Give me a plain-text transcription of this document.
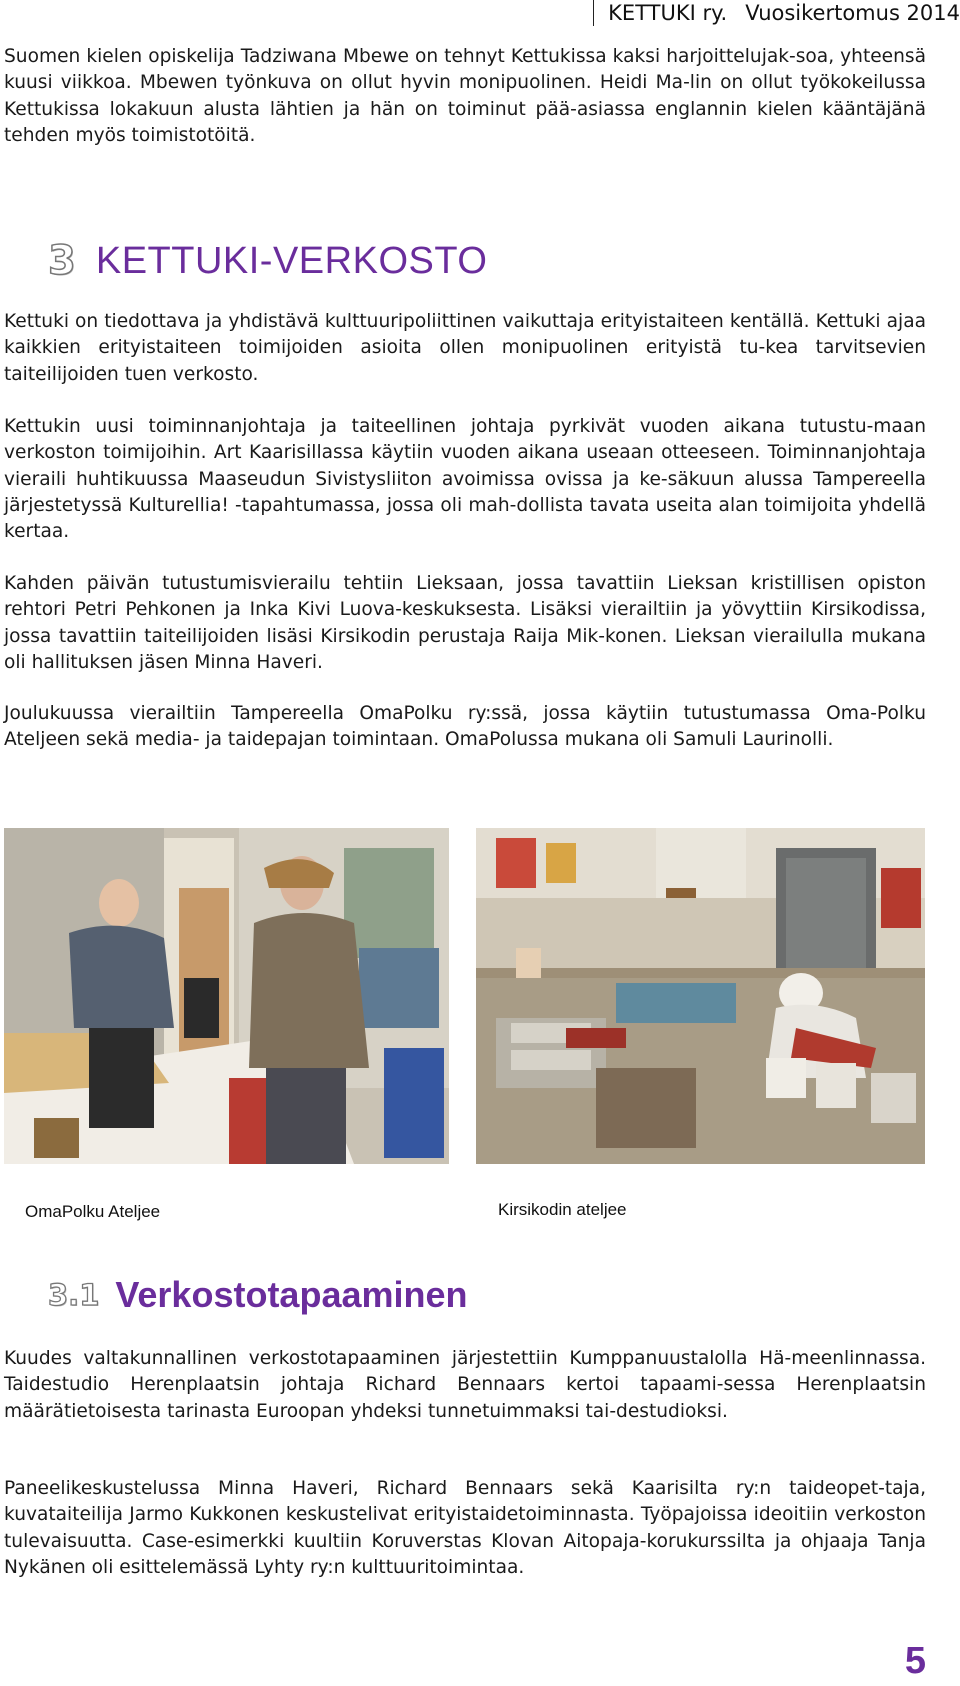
KETTUKI ry. Vuosikertomus 2014

Suomen kielen opiskelija Tadziwana Mbewe on tehnyt Kettukissa kaksi harjoittelujak-soa, yhteensä kuusi viikkoa. Mbewen työnkuva on ollut hyvin monipuolinen. Heidi Ma-lin on ollut työkokeilussa Kettukissa lokakuun alusta lähtien ja hän on toiminut pää-asiassa englannin kielen kääntäjänä tehden myös toimistotöitä.

3 KETTUKI-VERKOSTO

Kettuki on tiedottava ja yhdistävä kulttuuripoliittinen vaikuttaja erityistaiteen kentällä. Kettuki ajaa kaikkien erityistaiteen toimijoiden asioita ollen monipuolinen erityistä tu-kea tarvitsevien taiteilijoiden tuen verkosto.

Kettukin uusi toiminnanjohtaja ja taiteellinen johtaja pyrkivät vuoden aikana tutustu-maan verkoston toimijoihin. Art Kaarisillassa käytiin vuoden aikana useaan otteeseen. Toiminnanjohtaja vieraili huhtikuussa Maaseudun Sivistysliiton avoimissa ovissa ja ke-säkuun alussa Tampereella järjestetyssä Kulturellia! -tapahtumassa, jossa oli mah-dollista tavata useita alan toimijoita yhdellä kertaa.

Kahden päivän tutustumisvierailu tehtiin Lieksaan, jossa tavattiin Lieksan kristillisen opiston rehtori Petri Pehkonen ja Inka Kivi Luova-keskuksesta. Lisäksi vierailtiin ja yövyttiin Kirsikodissa, jossa tavattiin taiteilijoiden lisäsi Kirsikodin perustaja Raija Mik-konen. Lieksan vierailulla mukana oli hallituksen jäsen Minna Haveri.

Joulukuussa vierailtiin Tampereella OmaPolku ry:ssä, jossa käytiin tutustumassa Oma-Polku Ateljeen sekä media- ja taidepajan toimintaan. OmaPolussa mukana oli Samuli Laurinolli.

OmaPolku Ateljee	Kirsikodin ateljee
3.1 Verkostotapaaminen

Kuudes valtakunnallinen verkostotapaaminen järjestettiin Kumppanuustalolla Hä-meenlinnassa. Taidestudio Herenplaatsin johtaja Richard Bennaars kertoi tapaami-sessa Herenplaatsin määrätietoisesta tarinasta Euroopan yhdeksi tunnetuimmaksi tai-destudioksi.

Paneelikeskustelussa Minna Haveri, Richard Bennaars sekä Kaarisilta ry:n taideopet-taja, kuvataiteilija Jarmo Kukkonen keskustelivat erityistaidetoiminnasta. Työpajoissa ideoitiin verkoston tulevaisuutta. Case-esimerkki kuultiin Koruverstas Klovan Aitopaja-korukurssilta ja ohjaaja Tanja Nykänen oli esittelemässä Lyhty ry:n kulttuuritoimintaa.

5
